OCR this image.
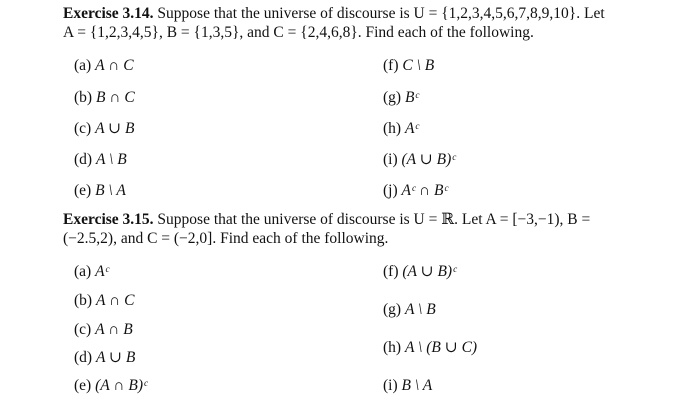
Exercise 3.14. Suppose that the universe of discourse is U = {1,2,3,4,5,6,7,8,9,10}. Let
A = {1,2,3,4,5}, B = {1,3,5}, and C = {2,4,6,8}. Find each of the following.
(a) A ∩ C
(b) B ∩ C
(c) A ∪ B
(d) A \ B
(e) B \ A
(f) C \ B
(g) Bᶜ
(h) Aᶜ
(i) (A ∪ B)ᶜ
(j) Aᶜ ∩ Bᶜ
Exercise 3.15. Suppose that the universe of discourse is U = ℝ. Let A = [−3,−1), B =
(−2.5,2), and C = (−2,0]. Find each of the following.
(a) Aᶜ
(b) A ∩ C
(c) A ∩ B
(d) A ∪ B
(e) (A ∩ B)ᶜ
(f) (A ∪ B)ᶜ
(g) A \ B
(h) A \ (B ∪ C)
(i) B \ A
